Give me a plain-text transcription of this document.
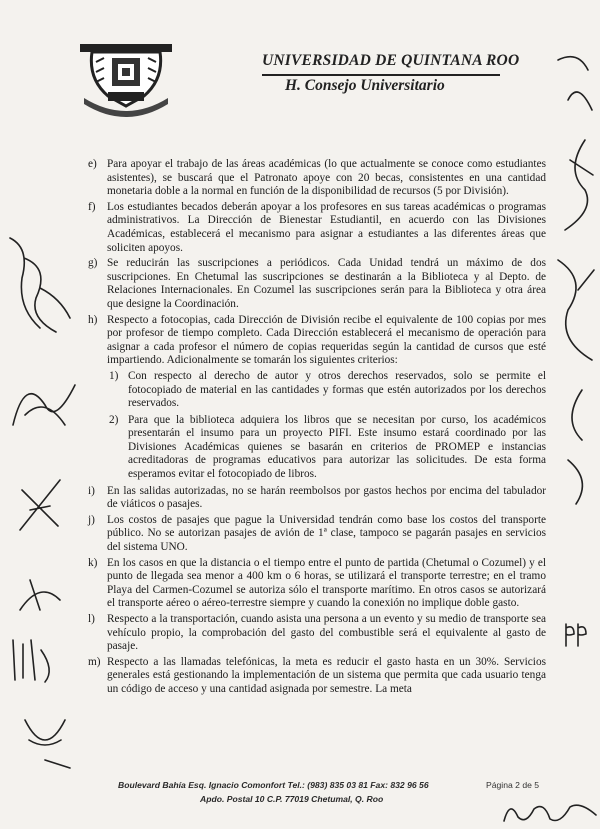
UNIVERSIDAD DE QUINTANA ROO
H. Consejo Universitario
e) Para apoyar el trabajo de las áreas académicas (lo que actualmente se conoce como estudiantes asistentes), se buscará que el Patronato apoye con 20 becas, consistentes en una cantidad monetaria doble a la normal en función de la disponibilidad de recursos (5 por División).
f) Los estudiantes becados deberán apoyar a los profesores en sus tareas académicas o programas administrativos. La Dirección de Bienestar Estudiantil, en acuerdo con las Divisiones Académicas, establecerá el mecanismo para asignar a estudiantes a las diferentes áreas que soliciten apoyos.
g) Se reducirán las suscripciones a periódicos. Cada Unidad tendrá un máximo de dos suscripciones. En Chetumal las suscripciones se destinarán a la Biblioteca y al Depto. de Relaciones Internacionales. En Cozumel las suscripciones serán para la Biblioteca y otra área que designe la Coordinación.
h) Respecto a fotocopias, cada Dirección de División recibe el equivalente de 100 copias por mes por profesor de tiempo completo. Cada Dirección establecerá el mecanismo de operación para asignar a cada profesor el número de copias requeridas según la cantidad de cursos que esté impartiendo. Adicionalmente se tomarán los siguientes criterios:
1) Con respecto al derecho de autor y otros derechos reservados, solo se permite el fotocopiado de material en las cantidades y formas que estén autorizados por los derechos reservados.
2) Para que la biblioteca adquiera los libros que se necesitan por curso, los académicos presentarán el insumo para un proyecto PIFI. Este insumo estará coordinado por las Divisiones Académicas quienes se basarán en criterios de PROMEP e instancias acreditadoras de programas educativos para autorizar las solicitudes. De esta forma esperamos evitar el fotocopiado de libros.
i) En las salidas autorizadas, no se harán reembolsos por gastos hechos por encima del tabulador de viáticos o pasajes.
j) Los costos de pasajes que pague la Universidad tendrán como base los costos del transporte público. No se autorizan pasajes de avión de 1ª clase, tampoco se pagarán pasajes en servicios del sistema UNO.
k) En los casos en que la distancia o el tiempo entre el punto de partida (Chetumal o Cozumel) y el punto de llegada sea menor a 400 km o 6 horas, se utilizará el transporte terrestre; en el tramo Playa del Carmen-Cozumel se autoriza sólo el transporte marítimo. En otros casos se autorizará el transporte aéreo o aéreo-terrestre siempre y cuando la conexión no implique doble gasto.
l) Respecto a la transportación, cuando asista una persona a un evento y su medio de transporte sea vehículo propio, la comprobación del gasto del combustible será el equivalente al gasto de pasaje.
m) Respecto a las llamadas telefónicas, la meta es reducir el gasto hasta en un 30%. Servicios generales está gestionando la implementación de un sistema que permita que cada usuario tenga un código de acceso y una cantidad asignada por semestre. La meta
Boulevard Bahía Esq. Ignacio Comonfort Tel.: (983) 835 03 81 Fax: 832 96 56
Apdo. Postal 10 C.P. 77019 Chetumal, Q. Roo
Página 2 de 5
